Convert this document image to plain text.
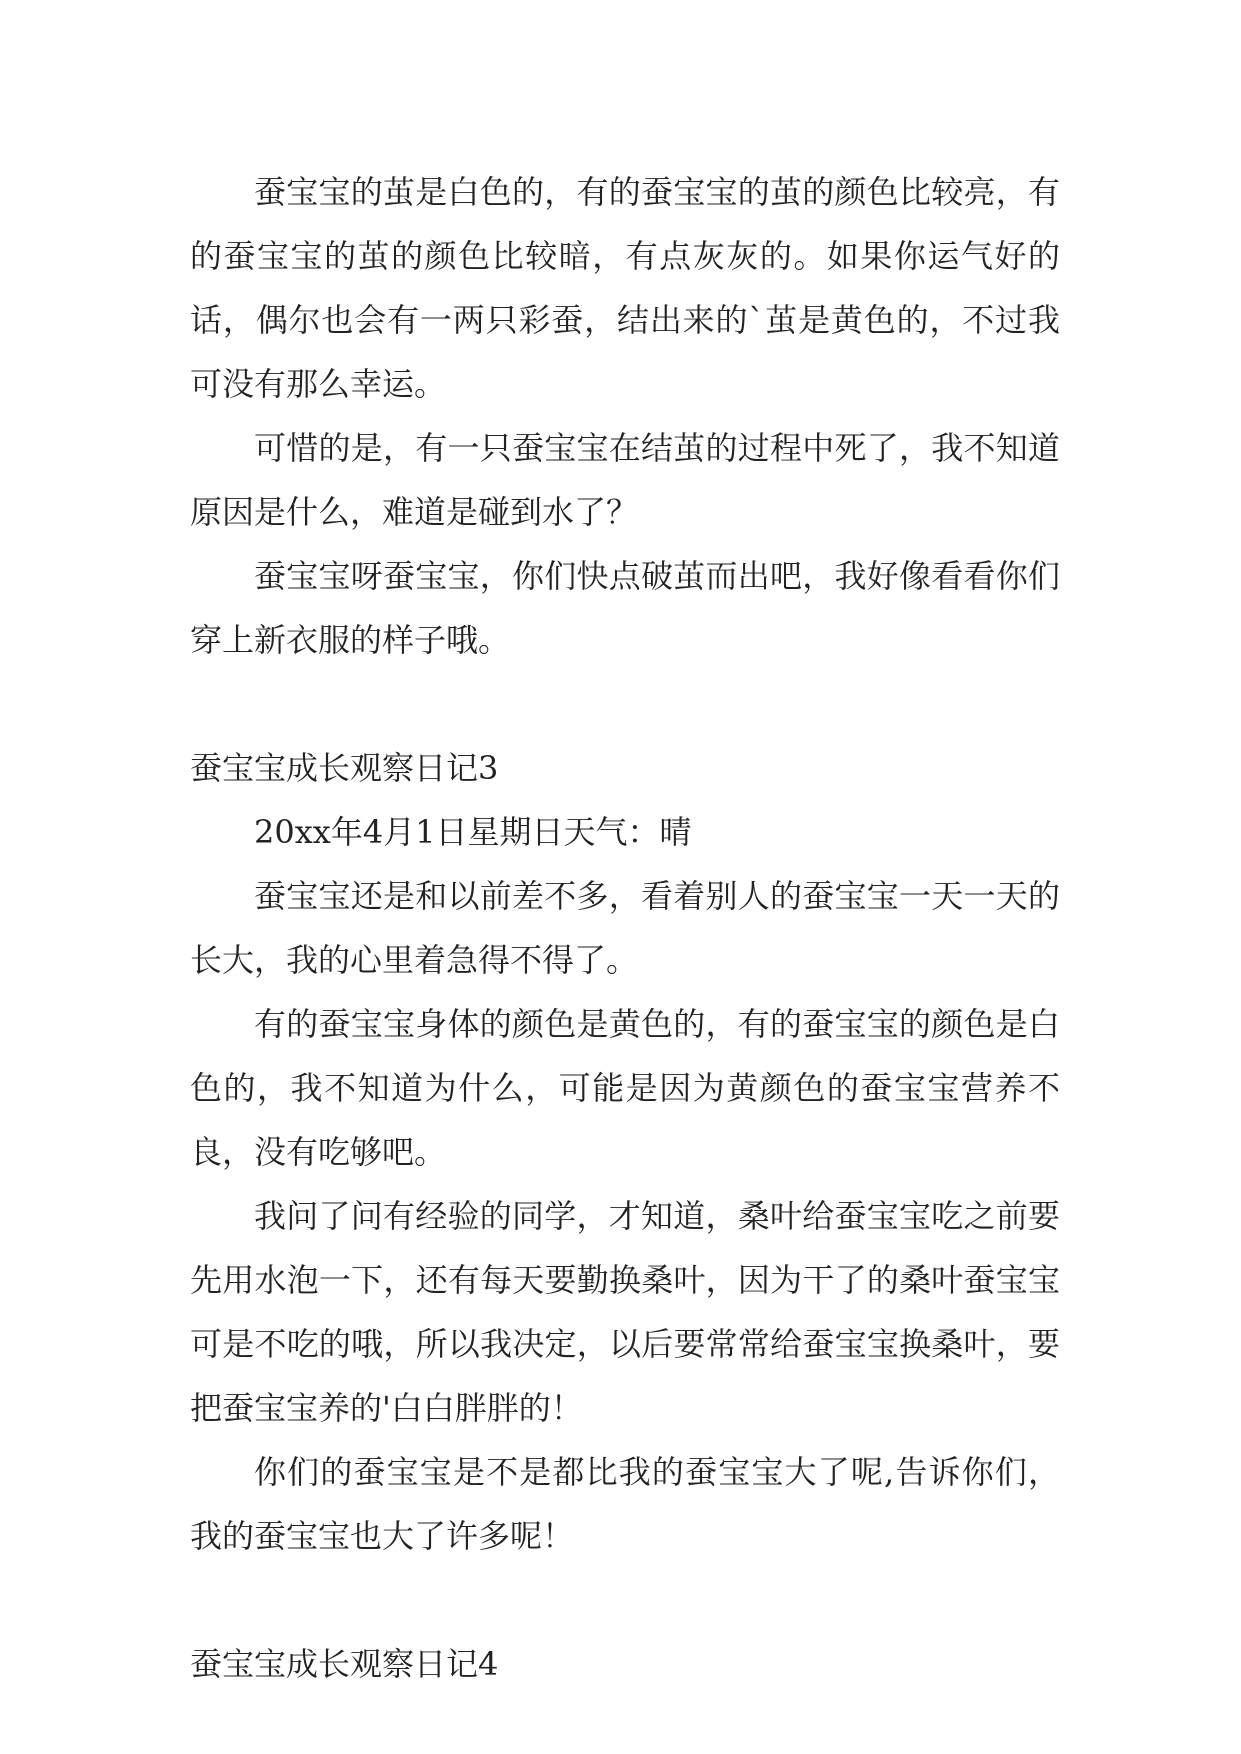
蚕宝宝的茧是白色的，有的蚕宝宝的茧的颜色比较亮，有的蚕宝宝的茧的颜色比较暗，有点灰灰的。如果你运气好的话，偶尔也会有一两只彩蚕，结出来的`茧是黄色的，不过我可没有那么幸运。

可惜的是，有一只蚕宝宝在结茧的过程中死了，我不知道原因是什么，难道是碰到水了？

蚕宝宝呀蚕宝宝，你们快点破茧而出吧，我好像看看你们穿上新衣服的样子哦。

蚕宝宝成长观察日记3

20xx年4月1日星期日天气：晴

蚕宝宝还是和以前差不多，看着别人的蚕宝宝一天一天的长大，我的心里着急得不得了。

有的蚕宝宝身体的颜色是黄色的，有的蚕宝宝的颜色是白色的，我不知道为什么，可能是因为黄颜色的蚕宝宝营养不良，没有吃够吧。

我问了问有经验的同学，才知道，桑叶给蚕宝宝吃之前要先用水泡一下，还有每天要勤换桑叶，因为干了的桑叶蚕宝宝可是不吃的哦，所以我决定，以后要常常给蚕宝宝换桑叶，要把蚕宝宝养的'白白胖胖的！

你们的蚕宝宝是不是都比我的蚕宝宝大了呢,告诉你们，我的蚕宝宝也大了许多呢！

蚕宝宝成长观察日记4
